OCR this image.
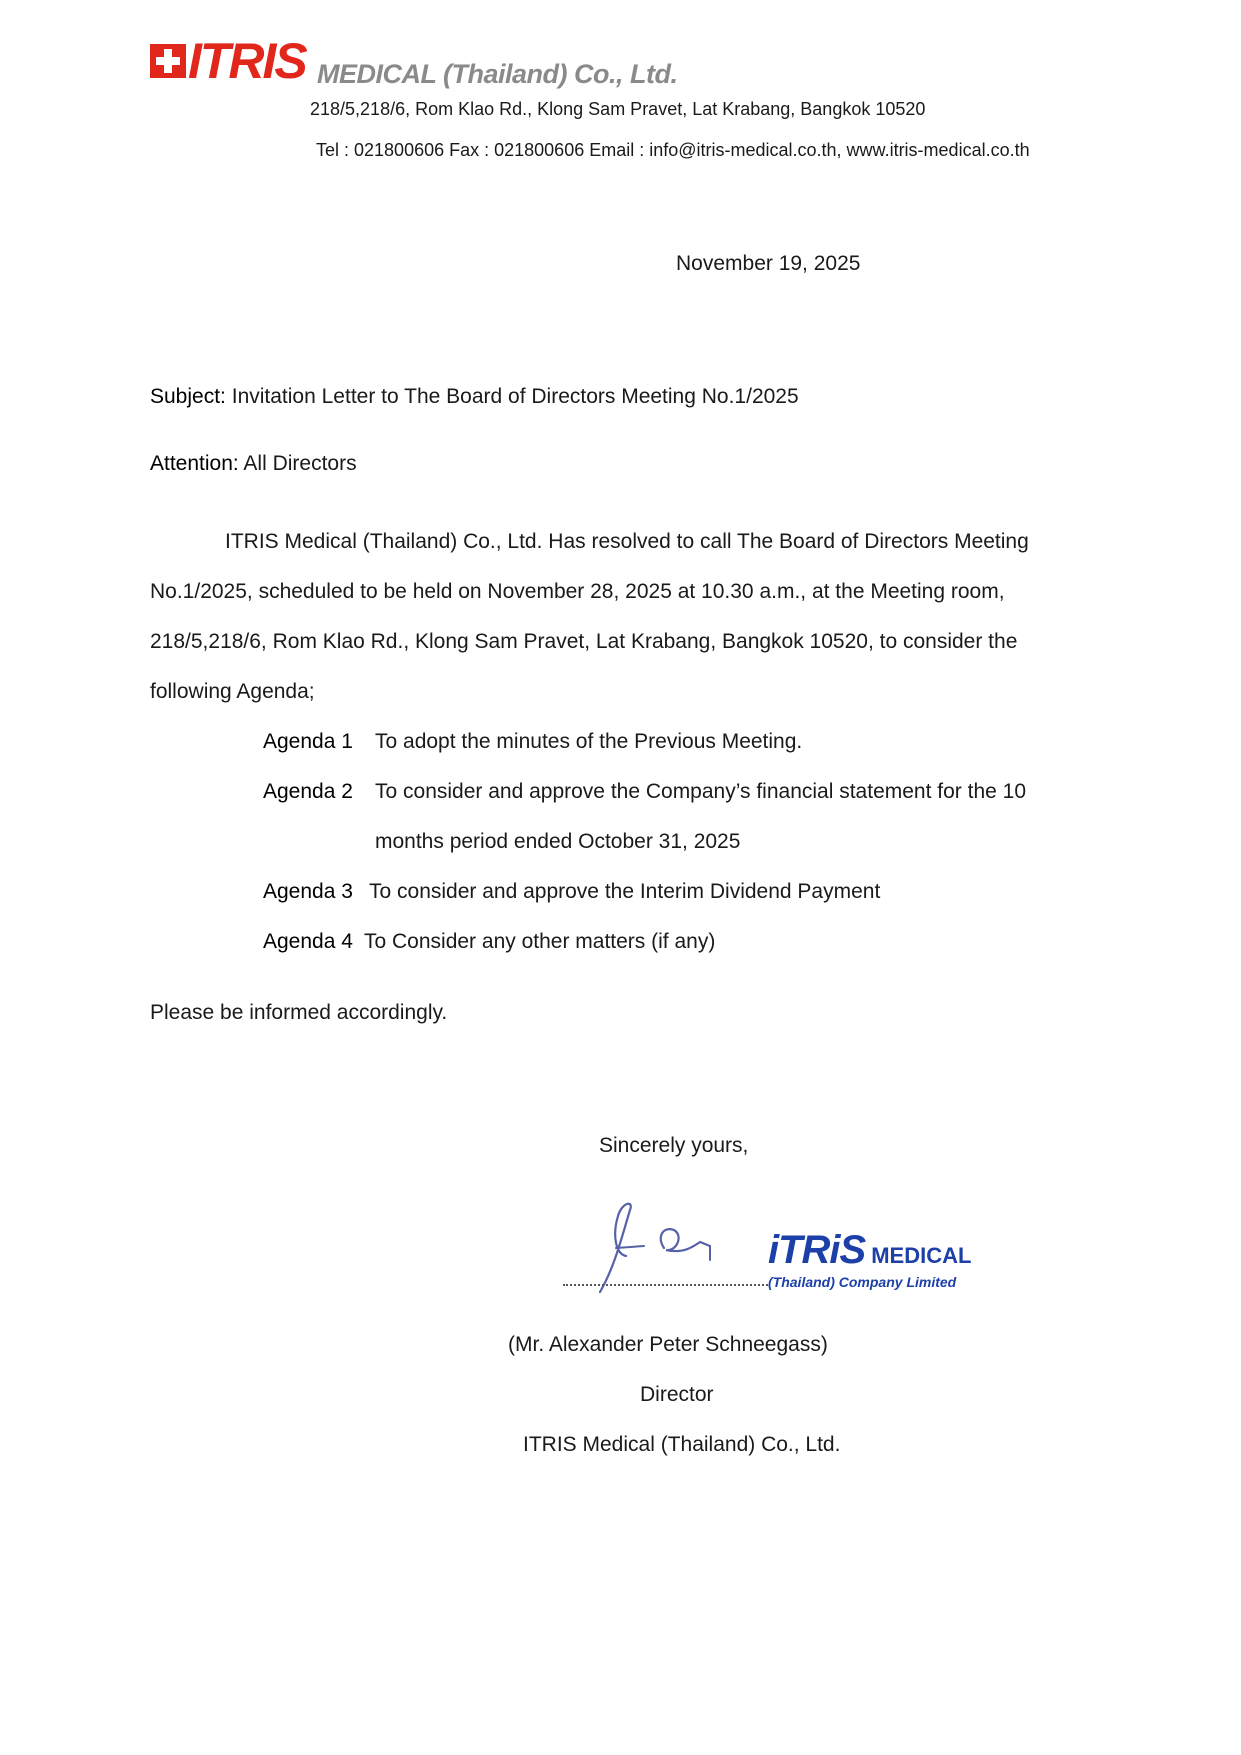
ITRIS MEDICAL (Thailand) Co., Ltd.
218/5,218/6, Rom Klao Rd., Klong Sam Pravet, Lat Krabang, Bangkok 10520
Tel : 021800606 Fax : 021800606 Email : info@itris-medical.co.th, www.itris-medical.co.th
November 19, 2025
Subject: Invitation Letter to The Board of Directors Meeting No.1/2025
Attention: All Directors
ITRIS Medical (Thailand) Co., Ltd. Has resolved to call The Board of Directors Meeting No.1/2025, scheduled to be held on November 28, 2025 at 10.30 a.m., at the Meeting room, 218/5,218/6, Rom Klao Rd., Klong Sam Pravet, Lat Krabang, Bangkok 10520, to consider the following Agenda;
Agenda 1 To adopt the minutes of the Previous Meeting.
Agenda 2 To consider and approve the Company’s financial statement for the 10
months period ended October 31, 2025
Agenda 3 To consider and approve the Interim Dividend Payment
Agenda 4 To Consider any other matters (if any)
Please be informed accordingly.
Sincerely yours,
iTRiS MEDICAL
(Thailand) Company Limited
(Mr. Alexander Peter Schneegass)
Director
ITRIS Medical (Thailand) Co., Ltd.
